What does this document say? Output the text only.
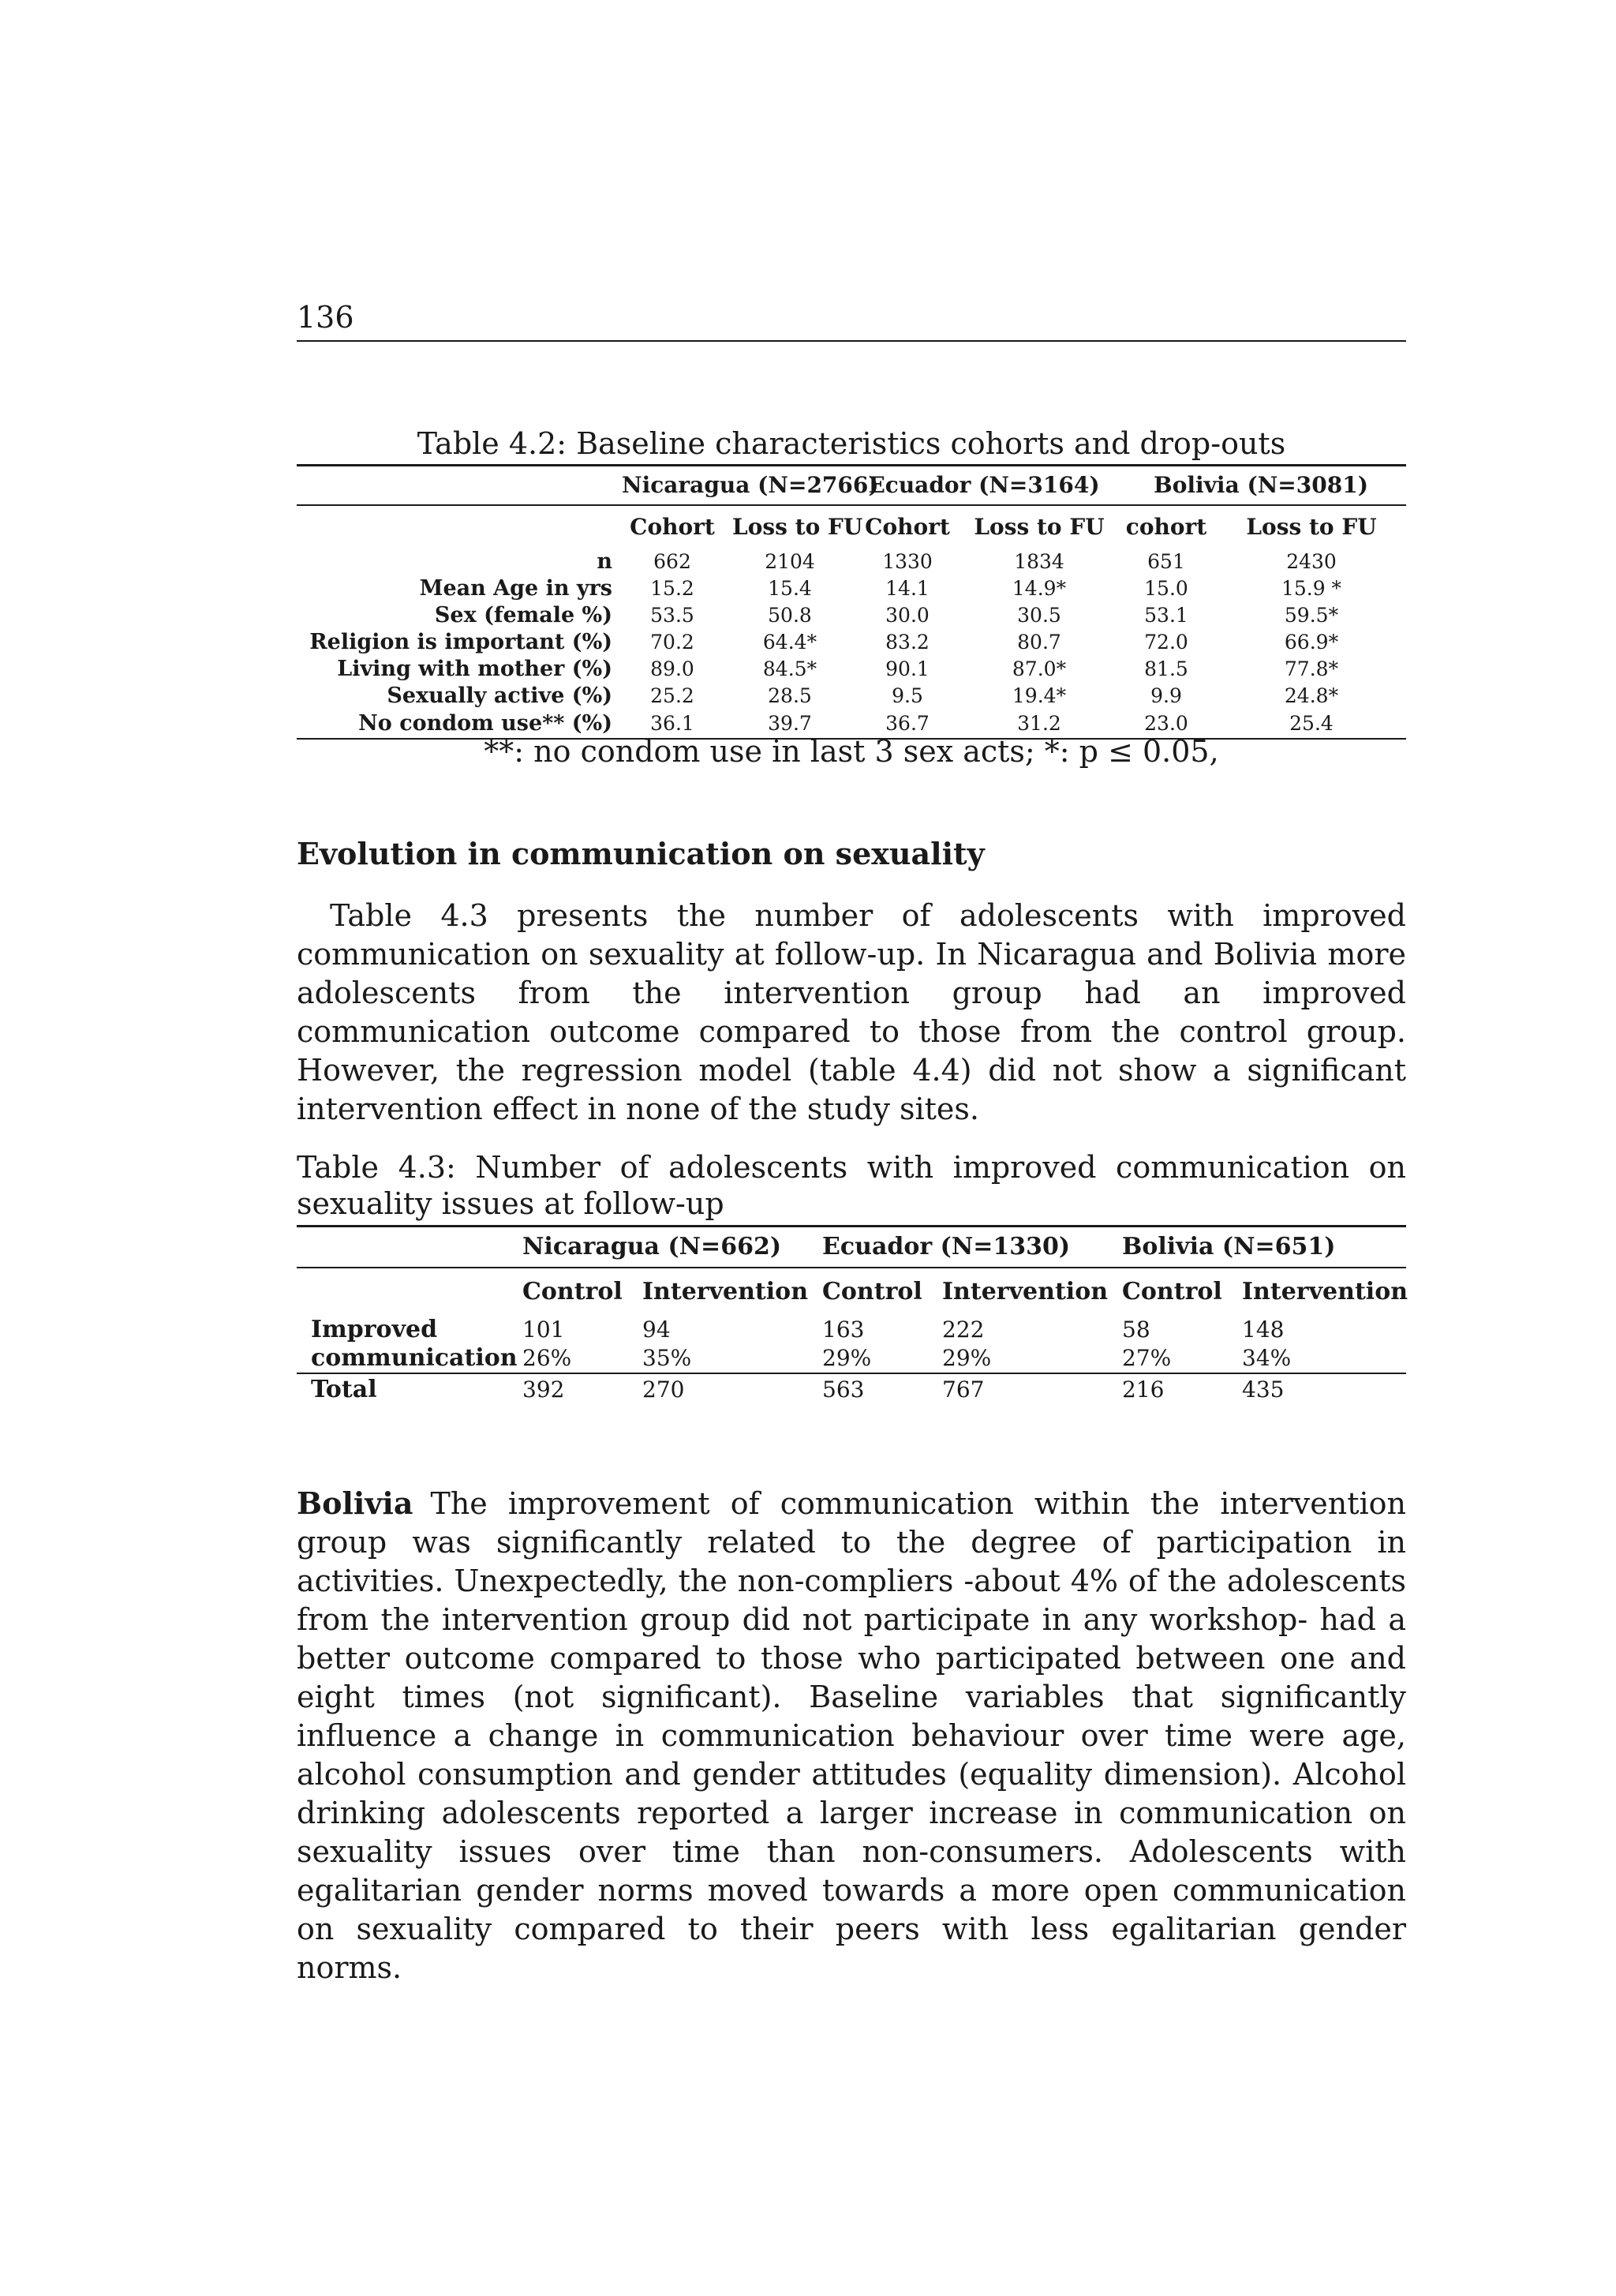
136
Table 4.2: Baseline characteristics cohorts and drop-outs
	Nicaragua (N=2766)		Ecuador (N=3164)		Bolivia (N=3081)	
	Cohort	Loss to FU	Cohort	Loss to FU	cohort	Loss to FU
n	662	2104	1330	1834	651	2430
Mean Age in yrs	15.2	15.4	14.1	14.9*	15.0	15.9 *
Sex (female %)	53.5	50.8	30.0	30.5	53.1	59.5*
Religion is important (%)	70.2	64.4*	83.2	80.7	72.0	66.9*
Living with mother (%)	89.0	84.5*	90.1	87.0*	81.5	77.8*
Sexually active (%)	25.2	28.5	9.5	19.4*	9.9	24.8*
No condom use** (%)	36.1	39.7	36.7	31.2	23.0	25.4
**: no condom use in last 3 sex acts; *: p ≤ 0.05,
Evolution in communication on sexuality
Table 4.3 presents the number of adolescents with improved communication on sexuality at follow-up. In Nicaragua and Bolivia more adolescents from the intervention group had an improved communication outcome compared to those from the control group. However, the regression model (table 4.4) did not show a significant intervention effect in none of the study sites.
Table 4.3: Number of adolescents with improved communication on sexuality issues at follow-up
	Nicaragua (N=662)		Ecuador (N=1330)		Bolivia (N=651)	
	Control	Intervention	Control	Intervention	Control	Intervention
Improved	101	94	163	222	58	148
communication	26%	35%	29%	29%	27%	34%
Total	392	270	563	767	216	435
Bolivia The improvement of communication within the intervention group was significantly related to the degree of participation in activities. Unexpectedly, the non-compliers -about 4% of the adolescents from the intervention group did not participate in any workshop- had a better outcome compared to those who participated between one and eight times (not significant). Baseline variables that significantly influence a change in communication behaviour over time were age, alcohol consumption and gender attitudes (equality dimension). Alcohol drinking adolescents reported a larger increase in communication on sexuality issues over time than non-consumers. Adolescents with egalitarian gender norms moved towards a more open communication on sexuality compared to their peers with less egalitarian gender norms.
